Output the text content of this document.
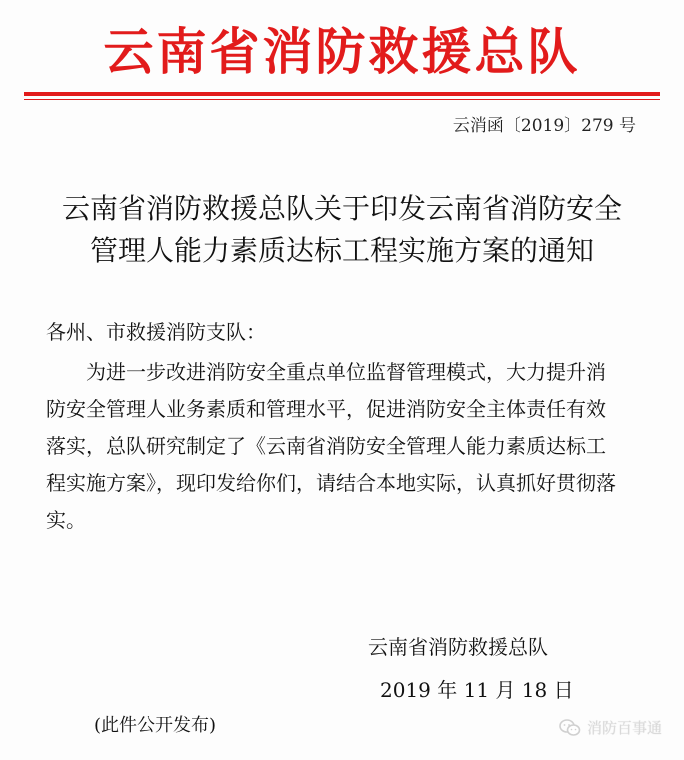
云南省消防救援总队
云消函〔2019〕279 号
云南省消防救援总队关于印发云南省消防安全
管理人能力素质达标工程实施方案的通知
各州、市救援消防支队：
为进一步改进消防安全重点单位监督管理模式，大力提升消
防安全管理人业务素质和管理水平，促进消防安全主体责任有效
落实，总队研究制定了《云南省消防安全管理人能力素质达标工
程实施方案》，现印发给你们，请结合本地实际，认真抓好贯彻落
实。
云南省消防救援总队
2019 年 11 月 18 日
(此件公开发布)	消防百事通
